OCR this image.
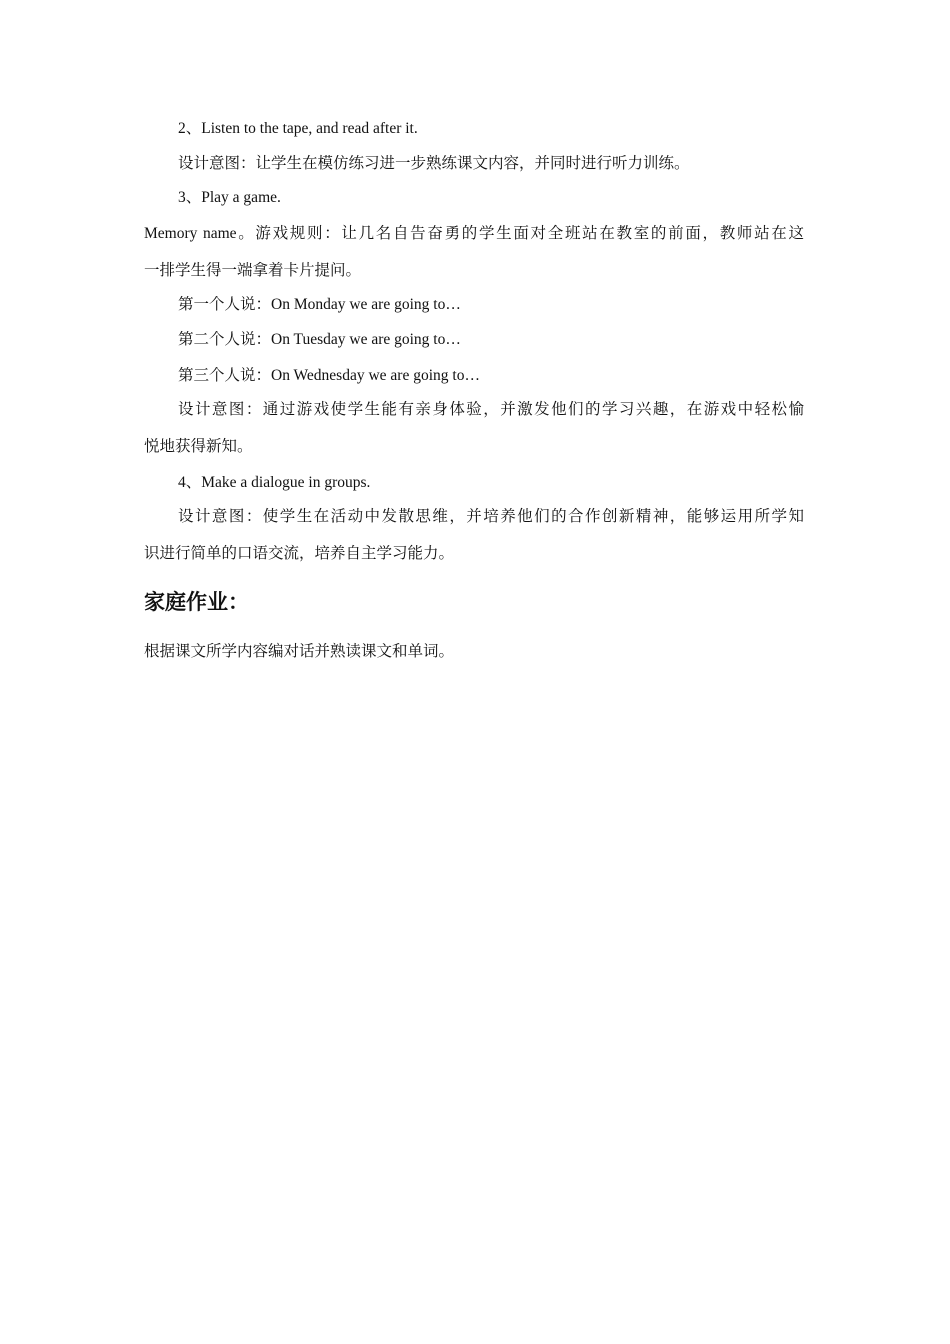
2、Listen to the tape, and read after it.
设计意图：让学生在模仿练习进一步熟练课文内容，并同时进行听力训练。
3、Play a game.
Memory name。游戏规则：让几名自告奋勇的学生面对全班站在教室的前面，教师站在这
一排学生得一端拿着卡片提问。
第一个人说：On Monday we are going to…
第二个人说：On Tuesday we are going to…
第三个人说：On Wednesday we are going to…
设计意图：通过游戏使学生能有亲身体验，并激发他们的学习兴趣，在游戏中轻松愉
悦地获得新知。
4、Make a dialogue in groups.
设计意图：使学生在活动中发散思维，并培养他们的合作创新精神，能够运用所学知
识进行简单的口语交流，培养自主学习能力。
家庭作业：
根据课文所学内容编对话并熟读课文和单词。
